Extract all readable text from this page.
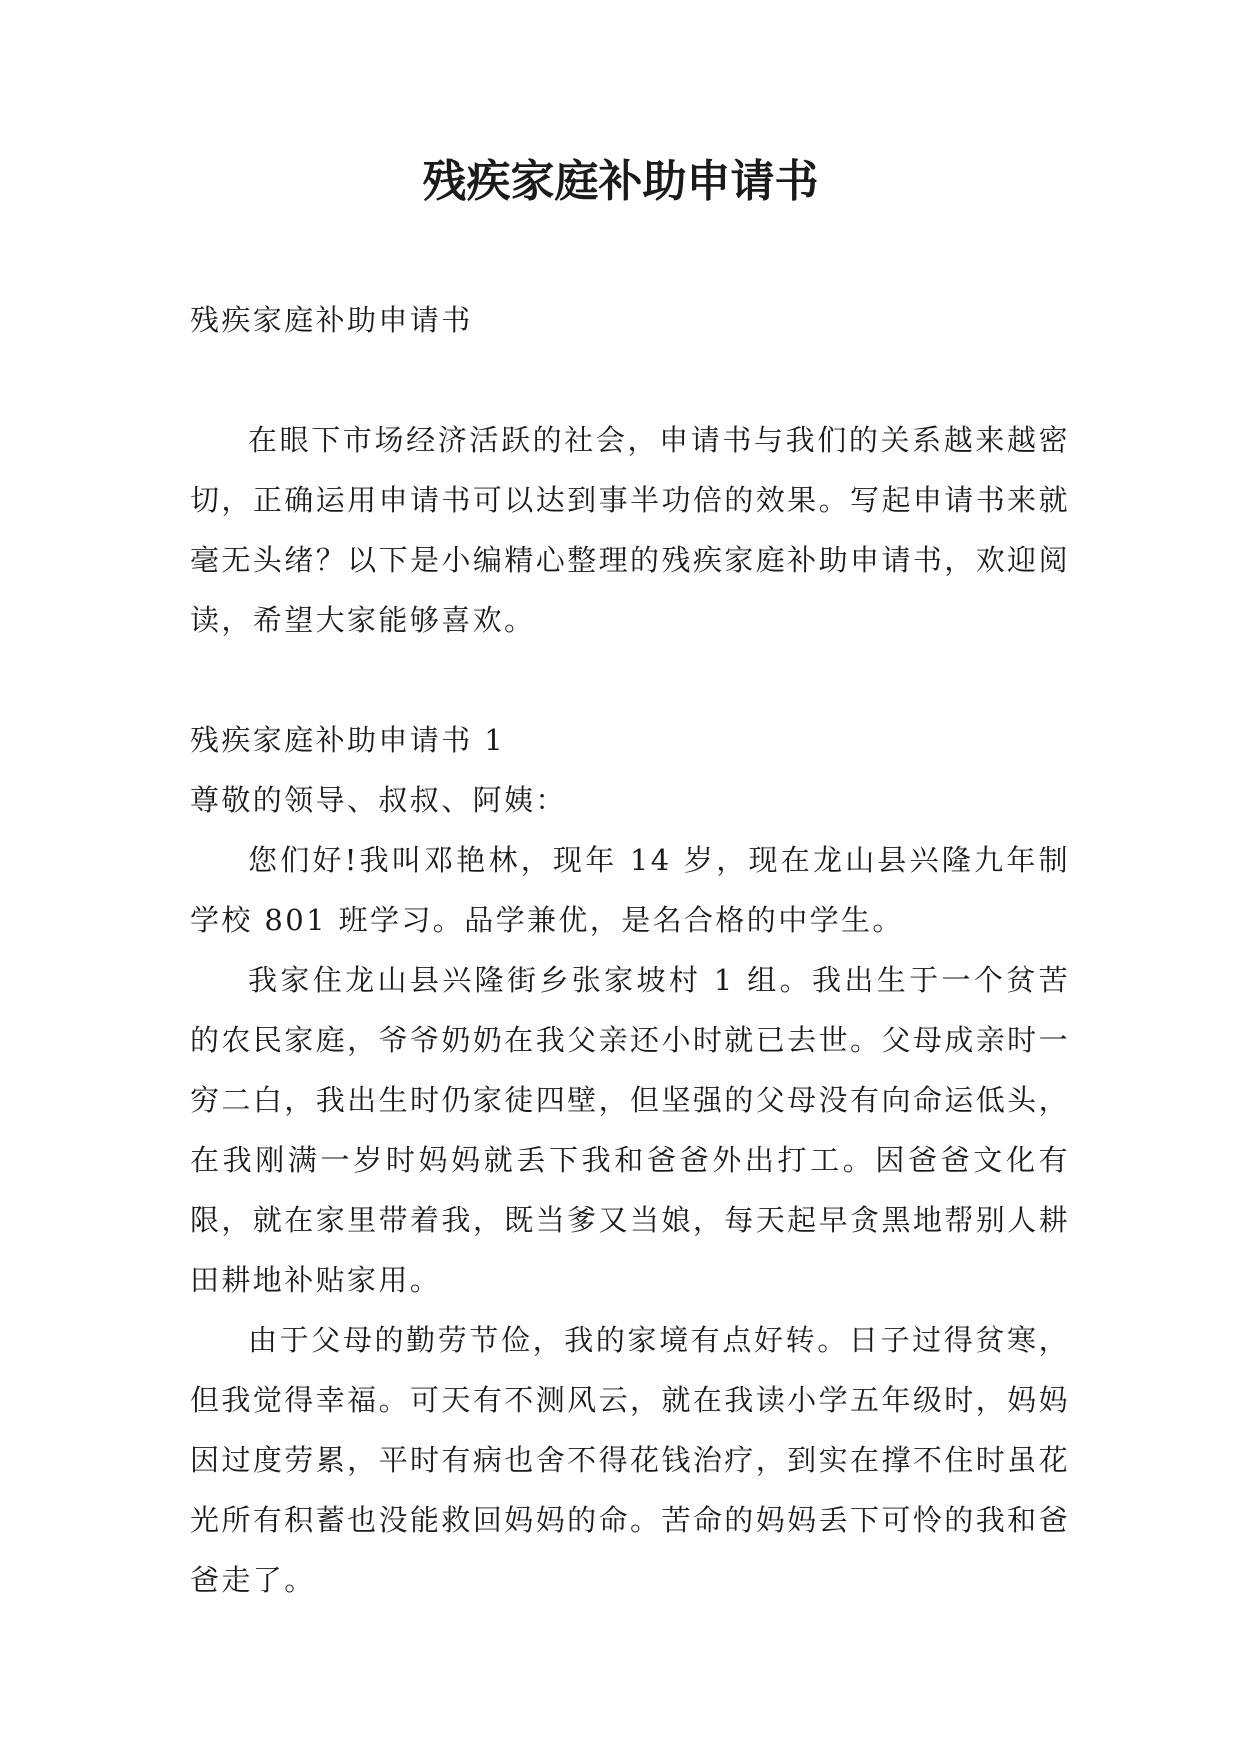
残疾家庭补助申请书

残疾家庭补助申请书

在眼下市场经济活跃的社会，申请书与我们的关系越来越密切，正确运用申请书可以达到事半功倍的效果。写起申请书来就毫无头绪？以下是小编精心整理的残疾家庭补助申请书，欢迎阅读，希望大家能够喜欢。

残疾家庭补助申请书 1

尊敬的领导、叔叔、阿姨：

您们好!我叫邓艳林，现年 14 岁，现在龙山县兴隆九年制学校 801 班学习。品学兼优，是名合格的中学生。

我家住龙山县兴隆街乡张家坡村 1 组。我出生于一个贫苦的农民家庭，爷爷奶奶在我父亲还小时就已去世。父母成亲时一穷二白，我出生时仍家徒四壁，但坚强的父母没有向命运低头，在我刚满一岁时妈妈就丢下我和爸爸外出打工。因爸爸文化有限，就在家里带着我，既当爹又当娘，每天起早贪黑地帮别人耕田耕地补贴家用。

由于父母的勤劳节俭，我的家境有点好转。日子过得贫寒，但我觉得幸福。可天有不测风云，就在我读小学五年级时，妈妈因过度劳累，平时有病也舍不得花钱治疗，到实在撑不住时虽花光所有积蓄也没能救回妈妈的命。苦命的妈妈丢下可怜的我和爸爸走了。
